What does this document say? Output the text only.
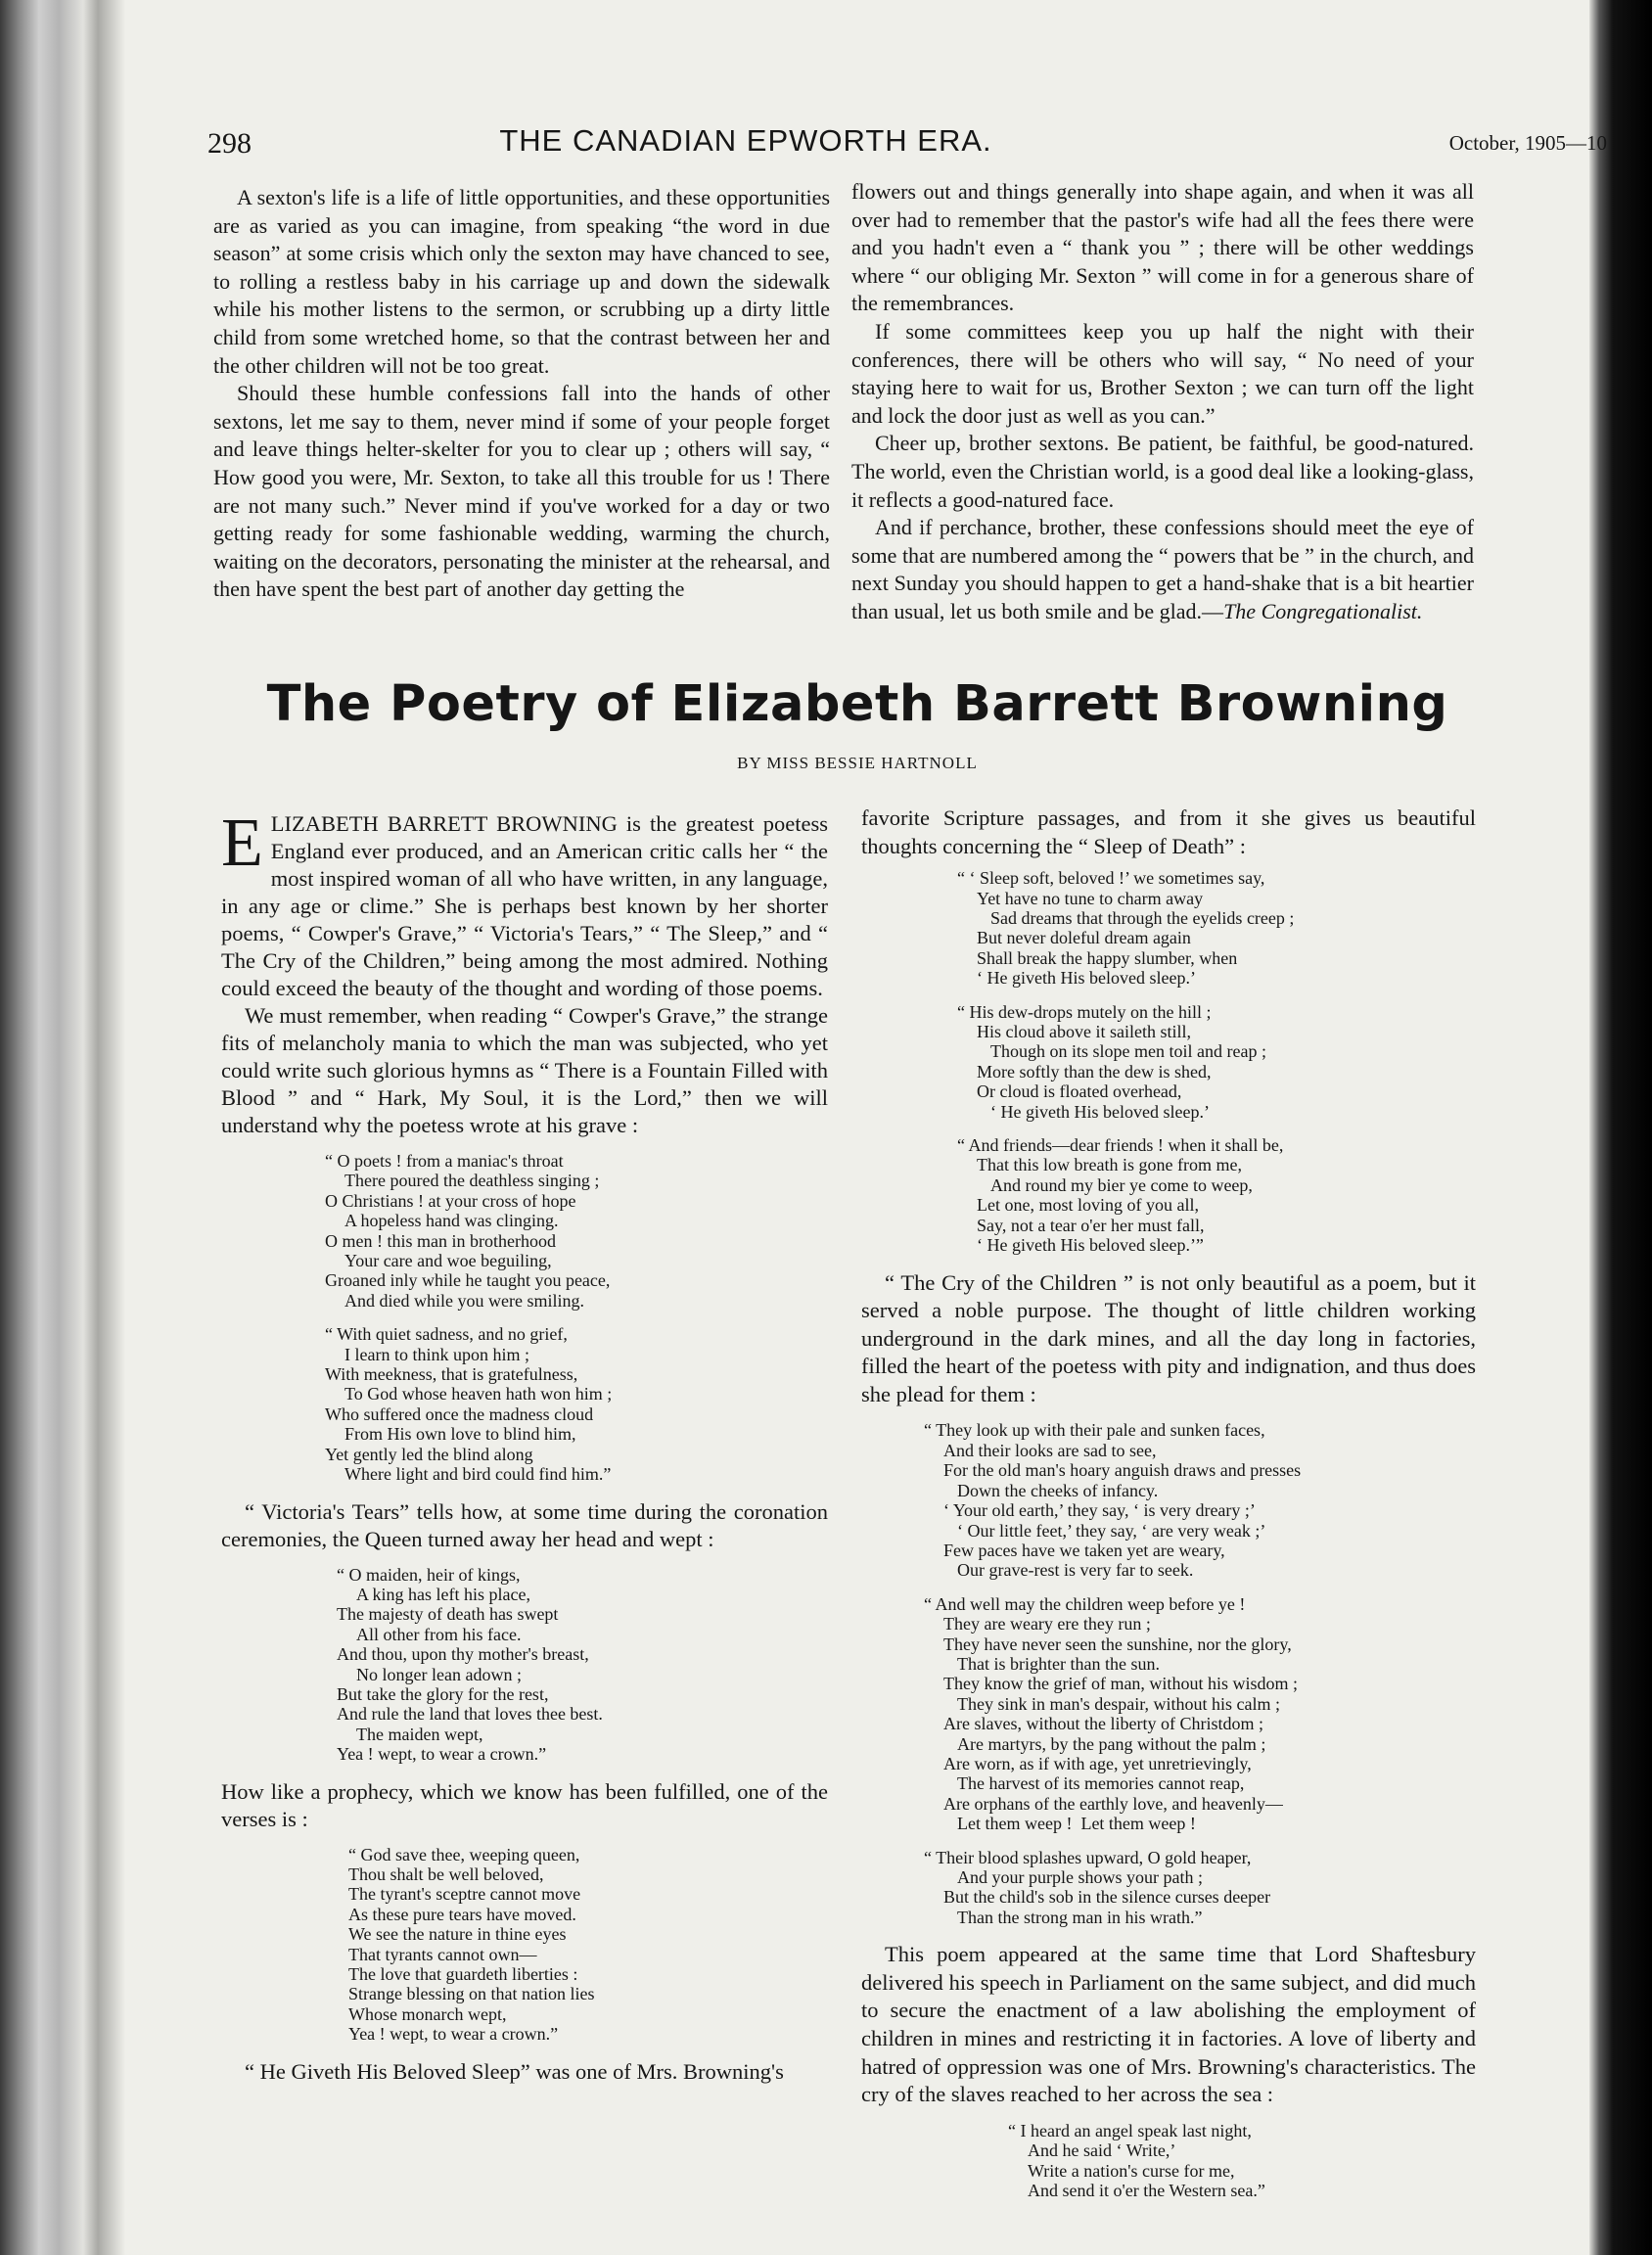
298	THE CANADIAN EPWORTH ERA.	October, 1905—10

A sexton's life is a life of little opportunities, and these opportunities are as varied as you can imagine, from speaking “the word in due season” at some crisis which only the sexton may have chanced to see, to rolling a restless baby in his carriage up and down the sidewalk while his mother listens to the sermon, or scrubbing up a dirty little child from some wretched home, so that the contrast between her and the other children will not be too great.

Should these humble confessions fall into the hands of other sextons, let me say to them, never mind if some of your people forget and leave things helter-skelter for you to clear up ; others will say, “ How good you were, Mr. Sexton, to take all this trouble for us ! There are not many such.” Never mind if you've worked for a day or two getting ready for some fashionable wedding, warming the church, waiting on the decorators, personating the minister at the rehearsal, and then have spent the best part of another day getting the

flowers out and things generally into shape again, and when it was all over had to remember that the pastor's wife had all the fees there were and you hadn't even a “ thank you ” ; there will be other weddings where “ our obliging Mr. Sexton ” will come in for a generous share of the remembrances.

If some committees keep you up half the night with their conferences, there will be others who will say, “ No need of your staying here to wait for us, Brother Sexton ; we can turn off the light and lock the door just as well as you can.”

Cheer up, brother sextons. Be patient, be faithful, be good-natured. The world, even the Christian world, is a good deal like a looking-glass, it reflects a good-natured face.

And if perchance, brother, these confessions should meet the eye of some that are numbered among the “ powers that be ” in the church, and next Sunday you should happen to get a hand-shake that is a bit heartier than usual, let us both smile and be glad.—The Congregationalist.

The Poetry of Elizabeth Barrett Browning
BY MISS BESSIE HARTNOLL

ELIZABETH BARRETT BROWNING is the greatest poetess England ever produced, and an American critic calls her “ the most inspired woman of all who have written, in any language, in any age or clime.” She is perhaps best known by her shorter poems, “ Cowper's Grave,” “ Victoria's Tears,” “ The Sleep,” and “ The Cry of the Children,” being among the most admired. Nothing could exceed the beauty of the thought and wording of those poems.

We must remember, when reading “ Cowper's Grave,” the strange fits of melancholy mania to which the man was subjected, who yet could write such glorious hymns as “ There is a Fountain Filled with Blood ” and “ Hark, My Soul, it is the Lord,” then we will understand why the poetess wrote at his grave :

“ O poets ! from a maniac's throat
There poured the deathless singing ;
O Christians ! at your cross of hope
A hopeless hand was clinging.
O men ! this man in brotherhood
Your care and woe beguiling,
Groaned inly while he taught you peace,
And died while you were smiling.
“ With quiet sadness, and no grief,
I learn to think upon him ;
With meekness, that is gratefulness,
To God whose heaven hath won him ;
Who suffered once the madness cloud
From His own love to blind him,
Yet gently led the blind along
Where light and bird could find him.”

“ Victoria's Tears” tells how, at some time during the coronation ceremonies, the Queen turned away her head and wept :

“ O maiden, heir of kings,
A king has left his place,
The majesty of death has swept
All other from his face.
And thou, upon thy mother's breast,
No longer lean adown ;
But take the glory for the rest,
And rule the land that loves thee best.
The maiden wept,
Yea ! wept, to wear a crown.”

How like a prophecy, which we know has been fulfilled, one of the verses is :

“ God save thee, weeping queen,
Thou shalt be well beloved,
The tyrant's sceptre cannot move
As these pure tears have moved.
We see the nature in thine eyes
That tyrants cannot own—
The love that guardeth liberties :
Strange blessing on that nation lies
Whose monarch wept,
Yea ! wept, to wear a crown.”

“ He Giveth His Beloved Sleep” was one of Mrs. Browning's

favorite Scripture passages, and from it she gives us beautiful thoughts concerning the “ Sleep of Death” :

“ ‘ Sleep soft, beloved !’ we sometimes say,
Yet have no tune to charm away
Sad dreams that through the eyelids creep ;
But never doleful dream again
Shall break the happy slumber, when
‘ He giveth His beloved sleep.’
“ His dew-drops mutely on the hill ;
His cloud above it saileth still,
Though on its slope men toil and reap ;
More softly than the dew is shed,
Or cloud is floated overhead,
‘ He giveth His beloved sleep.’
“ And friends—dear friends ! when it shall be,
That this low breath is gone from me,
And round my bier ye come to weep,
Let one, most loving of you all,
Say, not a tear o'er her must fall,
‘ He giveth His beloved sleep.’”

“ The Cry of the Children ” is not only beautiful as a poem, but it served a noble purpose. The thought of little children working underground in the dark mines, and all the day long in factories, filled the heart of the poetess with pity and indignation, and thus does she plead for them :

“ They look up with their pale and sunken faces,
And their looks are sad to see,
For the old man's hoary anguish draws and presses
Down the cheeks of infancy.
‘ Your old earth,’ they say, ‘ is very dreary ;’
‘ Our little feet,’ they say, ‘ are very weak ;’
Few paces have we taken yet are weary,
Our grave-rest is very far to seek.
“ And well may the children weep before ye !
They are weary ere they run ;
They have never seen the sunshine, nor the glory,
That is brighter than the sun.
They know the grief of man, without his wisdom ;
They sink in man's despair, without his calm ;
Are slaves, without the liberty of Christdom ;
Are martyrs, by the pang without the palm ;
Are worn, as if with age, yet unretrievingly,
The harvest of its memories cannot reap,
Are orphans of the earthly love, and heavenly—
Let them weep !  Let them weep !
“ Their blood splashes upward, O gold heaper,
And your purple shows your path ;
But the child's sob in the silence curses deeper
Than the strong man in his wrath.”

This poem appeared at the same time that Lord Shaftesbury delivered his speech in Parliament on the same subject, and did much to secure the enactment of a law abolishing the employment of children in mines and restricting it in factories. A love of liberty and hatred of oppression was one of Mrs. Browning's characteristics. The cry of the slaves reached to her across the sea :

“ I heard an angel speak last night,
And he said ‘ Write,’
Write a nation's curse for me,
And send it o'er the Western sea.”
